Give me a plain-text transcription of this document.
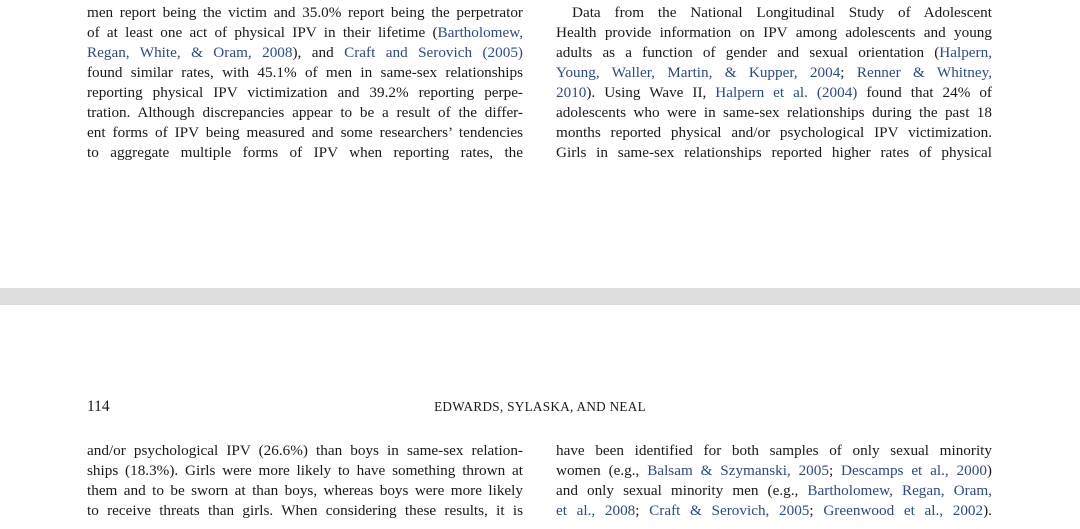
men report being the victim and 35.0% report being the perpetrator
of at least one act of physical IPV in their lifetime (Bartholomew,
Regan, White, & Oram, 2008), and Craft and Serovich (2005)
found similar rates, with 45.1% of men in same-sex relationships
reporting physical IPV victimization and 39.2% reporting perpe-
tration. Although discrepancies appear to be a result of the differ-
ent forms of IPV being measured and some researchers’ tendencies
to aggregate multiple forms of IPV when reporting rates, the
Data from the National Longitudinal Study of Adolescent
Health provide information on IPV among adolescents and young
adults as a function of gender and sexual orientation (Halpern,
Young, Waller, Martin, & Kupper, 2004; Renner & Whitney,
2010). Using Wave II, Halpern et al. (2004) found that 24% of
adolescents who were in same-sex relationships during the past 18
months reported physical and/or psychological IPV victimization.
Girls in same-sex relationships reported higher rates of physical
114	EDWARDS, SYLASKA, AND NEAL
and/or psychological IPV (26.6%) than boys in same-sex relation-
ships (18.3%). Girls were more likely to have something thrown at
them and to be sworn at than boys, whereas boys were more likely
to receive threats than girls. When considering these results, it is
have been identified for both samples of only sexual minority
women (e.g., Balsam & Szymanski, 2005; Descamps et al., 2000)
and only sexual minority men (e.g., Bartholomew, Regan, Oram,
et al., 2008; Craft & Serovich, 2005; Greenwood et al., 2002).
